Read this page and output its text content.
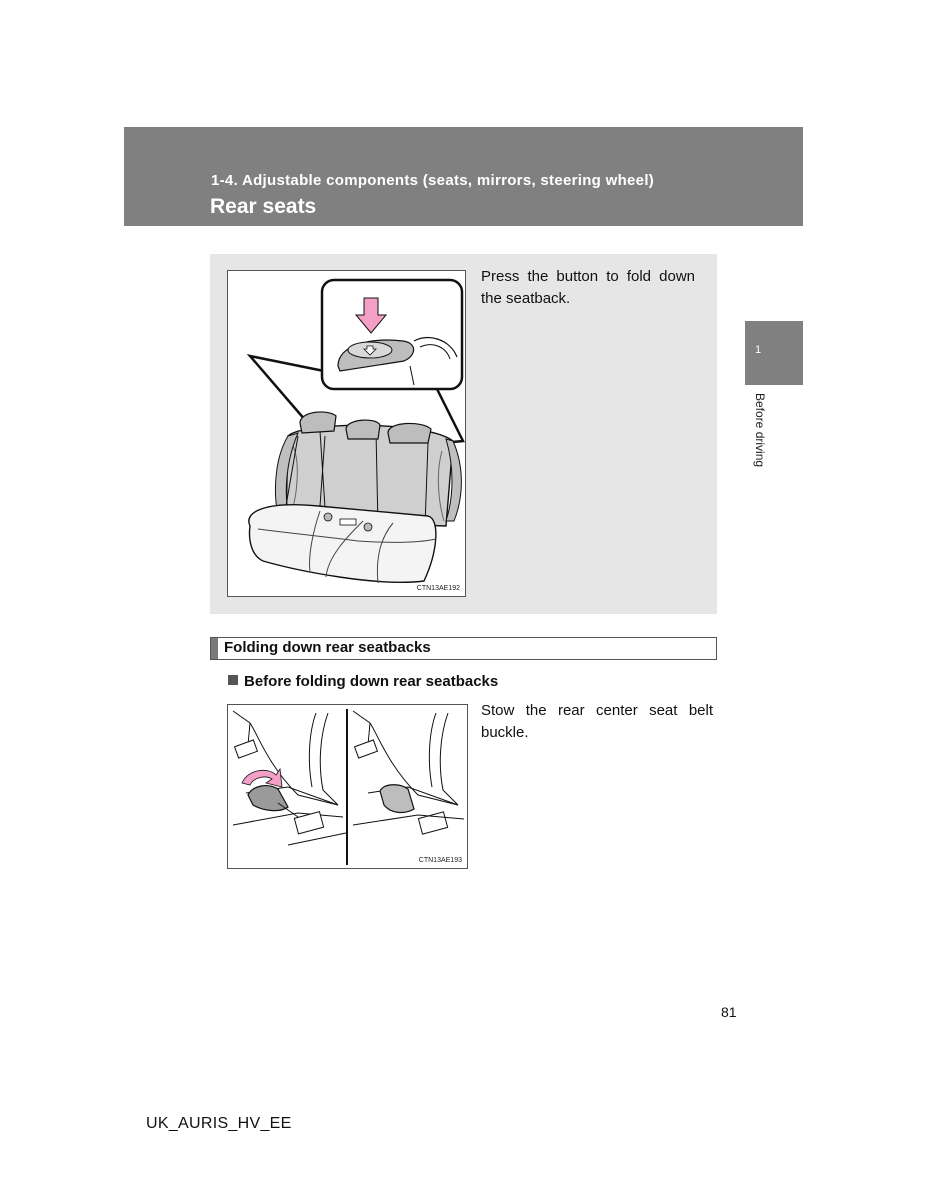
1-4. Adjustable components (seats, mirrors, steering wheel)
Rear seats
1
Before driving
CTN13AE192
Press the button to fold down the seatback.
Folding down rear seatbacks
Before folding down rear seatbacks
CTN13AE193
Stow the rear center seat belt buckle.
81
UK_AURIS_HV_EE
